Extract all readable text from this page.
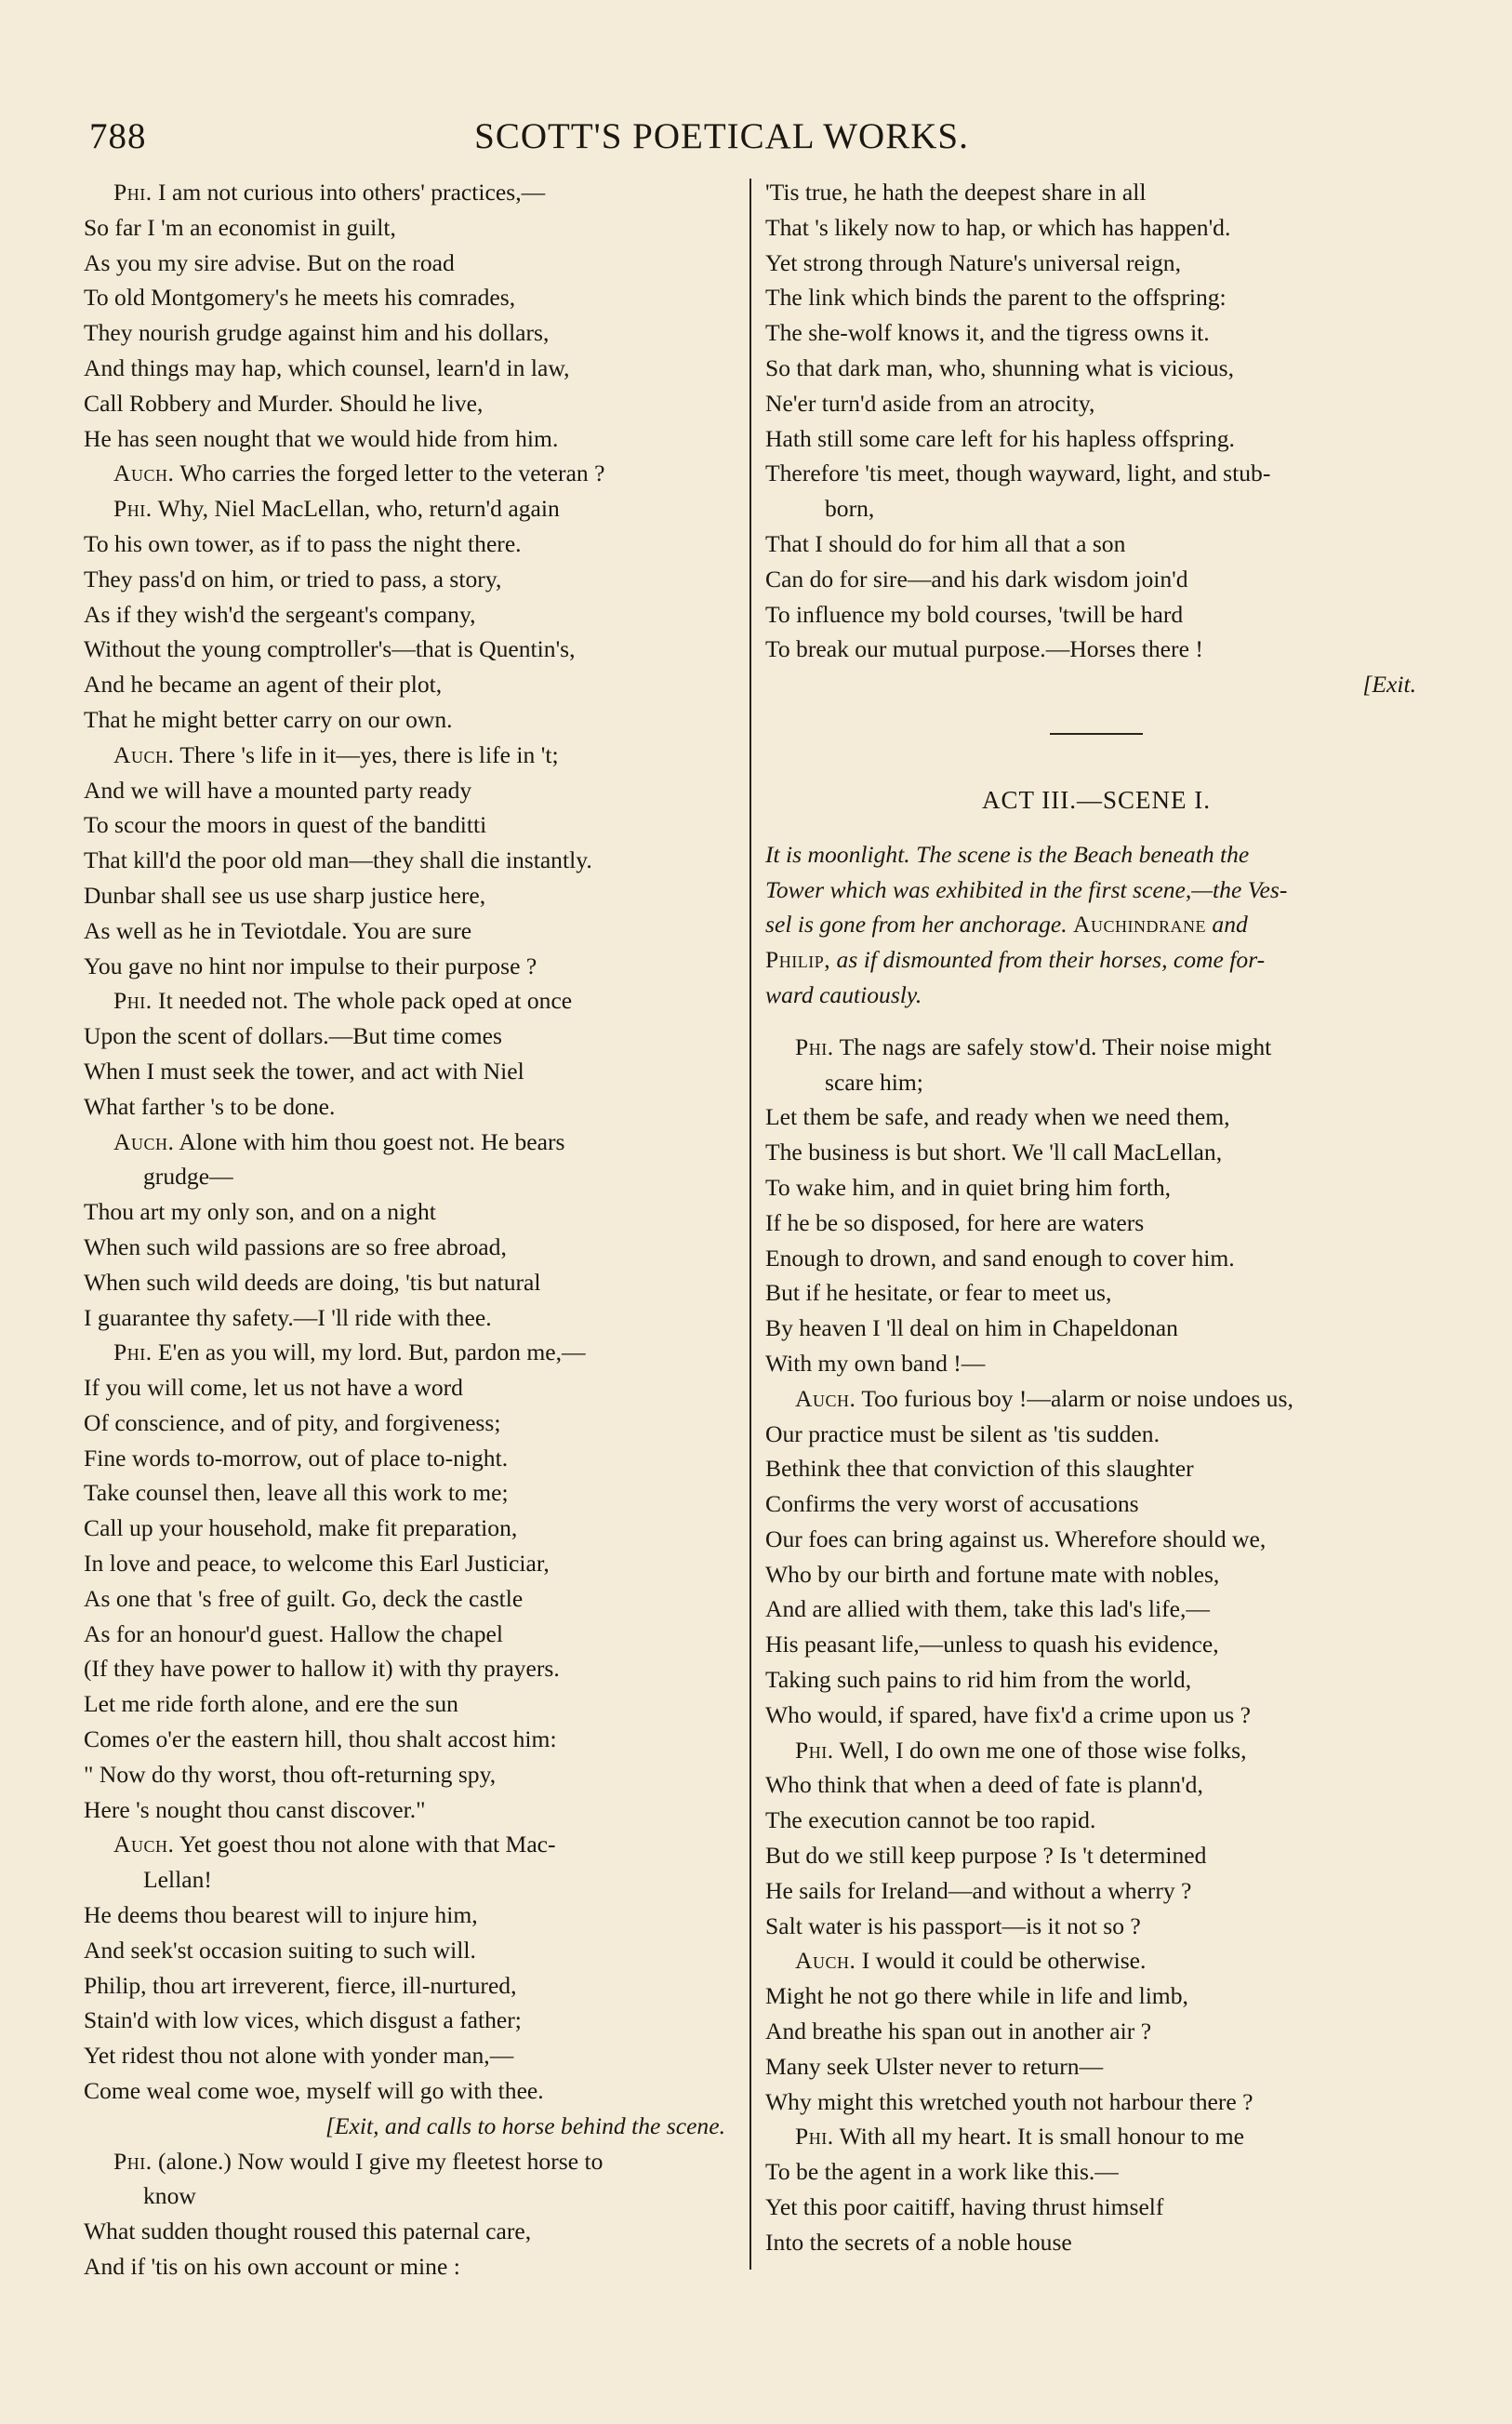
788	SCOTT'S POETICAL WORKS.
Phi. I am not curious into others' practices,—
So far I 'm an economist in guilt,
As you my sire advise. But on the road
To old Montgomery's he meets his comrades,
They nourish grudge against him and his dollars,
And things may hap, which counsel, learn'd in law,
Call Robbery and Murder. Should he live,
He has seen nought that we would hide from him.
Auch. Who carries the forged letter to the veteran ?
Phi. Why, Niel MacLellan, who, return'd again
To his own tower, as if to pass the night there.
They pass'd on him, or tried to pass, a story,
As if they wish'd the sergeant's company,
Without the young comptroller's—that is Quentin's,
And he became an agent of their plot,
That he might better carry on our own.
Auch. There 's life in it—yes, there is life in 't;
And we will have a mounted party ready
To scour the moors in quest of the banditti
That kill'd the poor old man—they shall die instantly.
Dunbar shall see us use sharp justice here,
As well as he in Teviotdale. You are sure
You gave no hint nor impulse to their purpose ?
Phi. It needed not. The whole pack oped at once
Upon the scent of dollars.—But time comes
When I must seek the tower, and act with Niel
What farther 's to be done.
Auch. Alone with him thou goest not. He bears
grudge—
Thou art my only son, and on a night
When such wild passions are so free abroad,
When such wild deeds are doing, 'tis but natural
I guarantee thy safety.—I 'll ride with thee.
Phi. E'en as you will, my lord. But, pardon me,—
If you will come, let us not have a word
Of conscience, and of pity, and forgiveness;
Fine words to-morrow, out of place to-night.
Take counsel then, leave all this work to me;
Call up your household, make fit preparation,
In love and peace, to welcome this Earl Justiciar,
As one that 's free of guilt. Go, deck the castle
As for an honour'd guest. Hallow the chapel
(If they have power to hallow it) with thy prayers.
Let me ride forth alone, and ere the sun
Comes o'er the eastern hill, thou shalt accost him:
" Now do thy worst, thou oft-returning spy,
Here 's nought thou canst discover."
Auch. Yet goest thou not alone with that Mac-
Lellan!
He deems thou bearest will to injure him,
And seek'st occasion suiting to such will.
Philip, thou art irreverent, fierce, ill-nurtured,
Stain'd with low vices, which disgust a father;
Yet ridest thou not alone with yonder man,—
Come weal come woe, myself will go with thee.
[Exit, and calls to horse behind the scene.
Phi. (alone.) Now would I give my fleetest horse to
know
What sudden thought roused this paternal care,
And if 'tis on his own account or mine :
'Tis true, he hath the deepest share in all
That 's likely now to hap, or which has happen'd.
Yet strong through Nature's universal reign,
The link which binds the parent to the offspring:
The she-wolf knows it, and the tigress owns it.
So that dark man, who, shunning what is vicious,
Ne'er turn'd aside from an atrocity,
Hath still some care left for his hapless offspring.
Therefore 'tis meet, though wayward, light, and stub-
born,
That I should do for him all that a son
Can do for sire—and his dark wisdom join'd
To influence my bold courses, 'twill be hard
To break our mutual purpose.—Horses there !
[Exit.
ACT III.—SCENE I.
It is moonlight. The scene is the Beach beneath the
Tower which was exhibited in the first scene,—the Ves-
sel is gone from her anchorage. Auchindrane and
Philip, as if dismounted from their horses, come for-
ward cautiously.
Phi. The nags are safely stow'd. Their noise might
scare him;
Let them be safe, and ready when we need them,
The business is but short. We 'll call MacLellan,
To wake him, and in quiet bring him forth,
If he be so disposed, for here are waters
Enough to drown, and sand enough to cover him.
But if he hesitate, or fear to meet us,
By heaven I 'll deal on him in Chapeldonan
With my own band !—
Auch. Too furious boy !—alarm or noise undoes us,
Our practice must be silent as 'tis sudden.
Bethink thee that conviction of this slaughter
Confirms the very worst of accusations
Our foes can bring against us. Wherefore should we,
Who by our birth and fortune mate with nobles,
And are allied with them, take this lad's life,—
His peasant life,—unless to quash his evidence,
Taking such pains to rid him from the world,
Who would, if spared, have fix'd a crime upon us ?
Phi. Well, I do own me one of those wise folks,
Who think that when a deed of fate is plann'd,
The execution cannot be too rapid.
But do we still keep purpose ? Is 't determined
He sails for Ireland—and without a wherry ?
Salt water is his passport—is it not so ?
Auch. I would it could be otherwise.
Might he not go there while in life and limb,
And breathe his span out in another air ?
Many seek Ulster never to return—
Why might this wretched youth not harbour there ?
Phi. With all my heart. It is small honour to me
To be the agent in a work like this.—
Yet this poor caitiff, having thrust himself
Into the secrets of a noble house
